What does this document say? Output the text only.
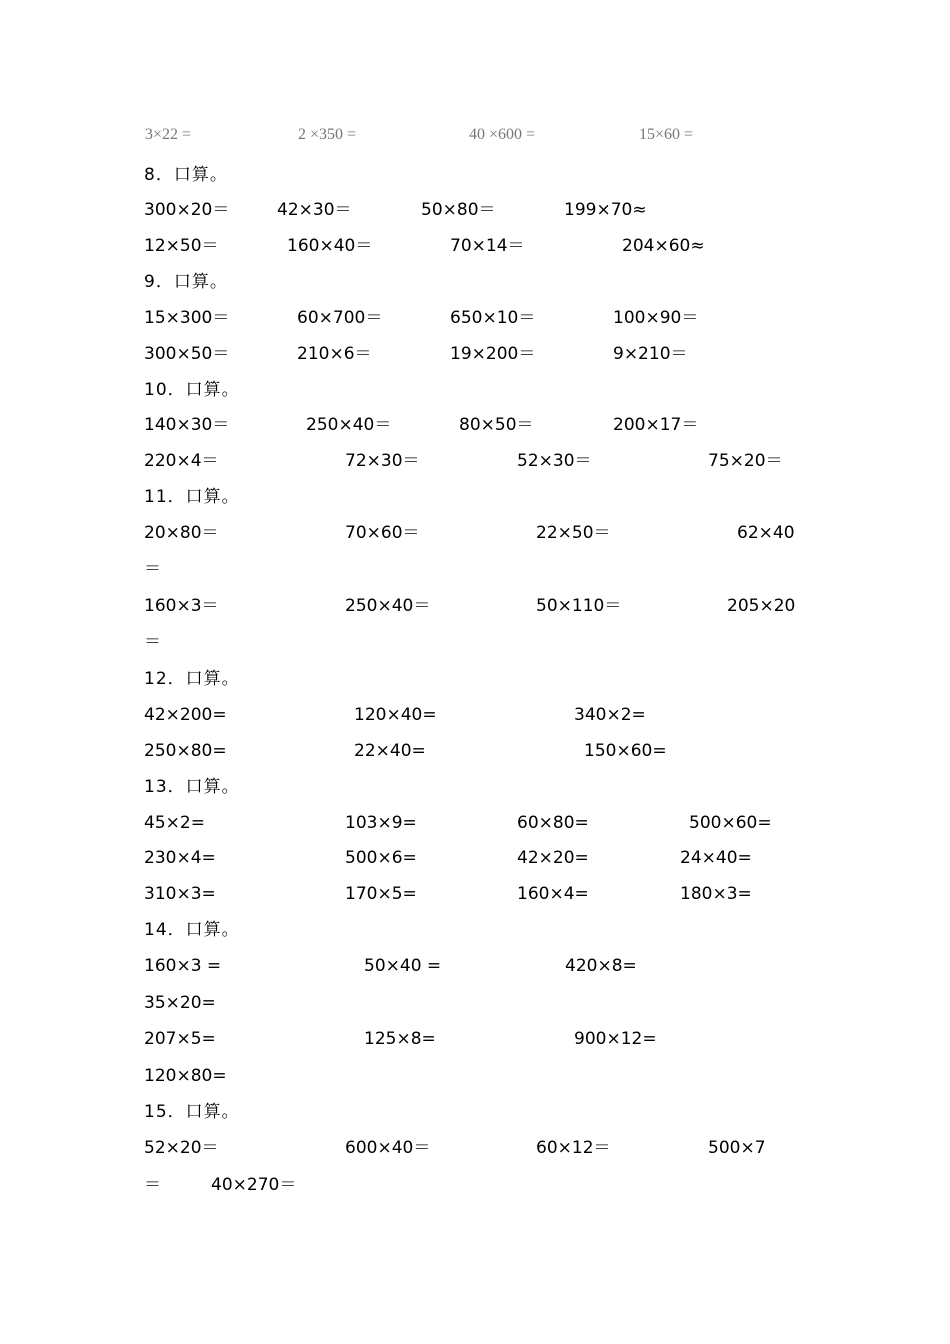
3×22 =	2 ×350 =	40 ×600 =	15×60 =
8．口算。
300×20＝	42×30＝	50×80＝	199×70≈
12×50＝	160×40＝	70×14＝	204×60≈
9．口算。
15×300＝	60×700＝	650×10＝	100×90＝
300×50＝	210×6＝	19×200＝	9×210＝
10．口算。
140×30＝	250×40＝	80×50＝	200×17＝
220×4＝	72×30＝	52×30＝	75×20＝
11．口算。
20×80＝	70×60＝	22×50＝	62×40
＝
160×3＝	250×40＝	50×110＝	205×20
＝
12．口算。
42×200=	120×40=	340×2=
250×80=	22×40=	150×60=
13．口算。
45×2=	103×9=	60×80=	500×60=
230×4=	500×6=	42×20=	24×40=
310×3=	170×5=	160×4=	180×3=
14．口算。
160×3 =	50×40 =	420×8=
35×20=
207×5=	125×8=	900×12=
120×80=
15．口算。
52×20＝	600×40＝	60×12＝	500×7
＝	40×270＝
